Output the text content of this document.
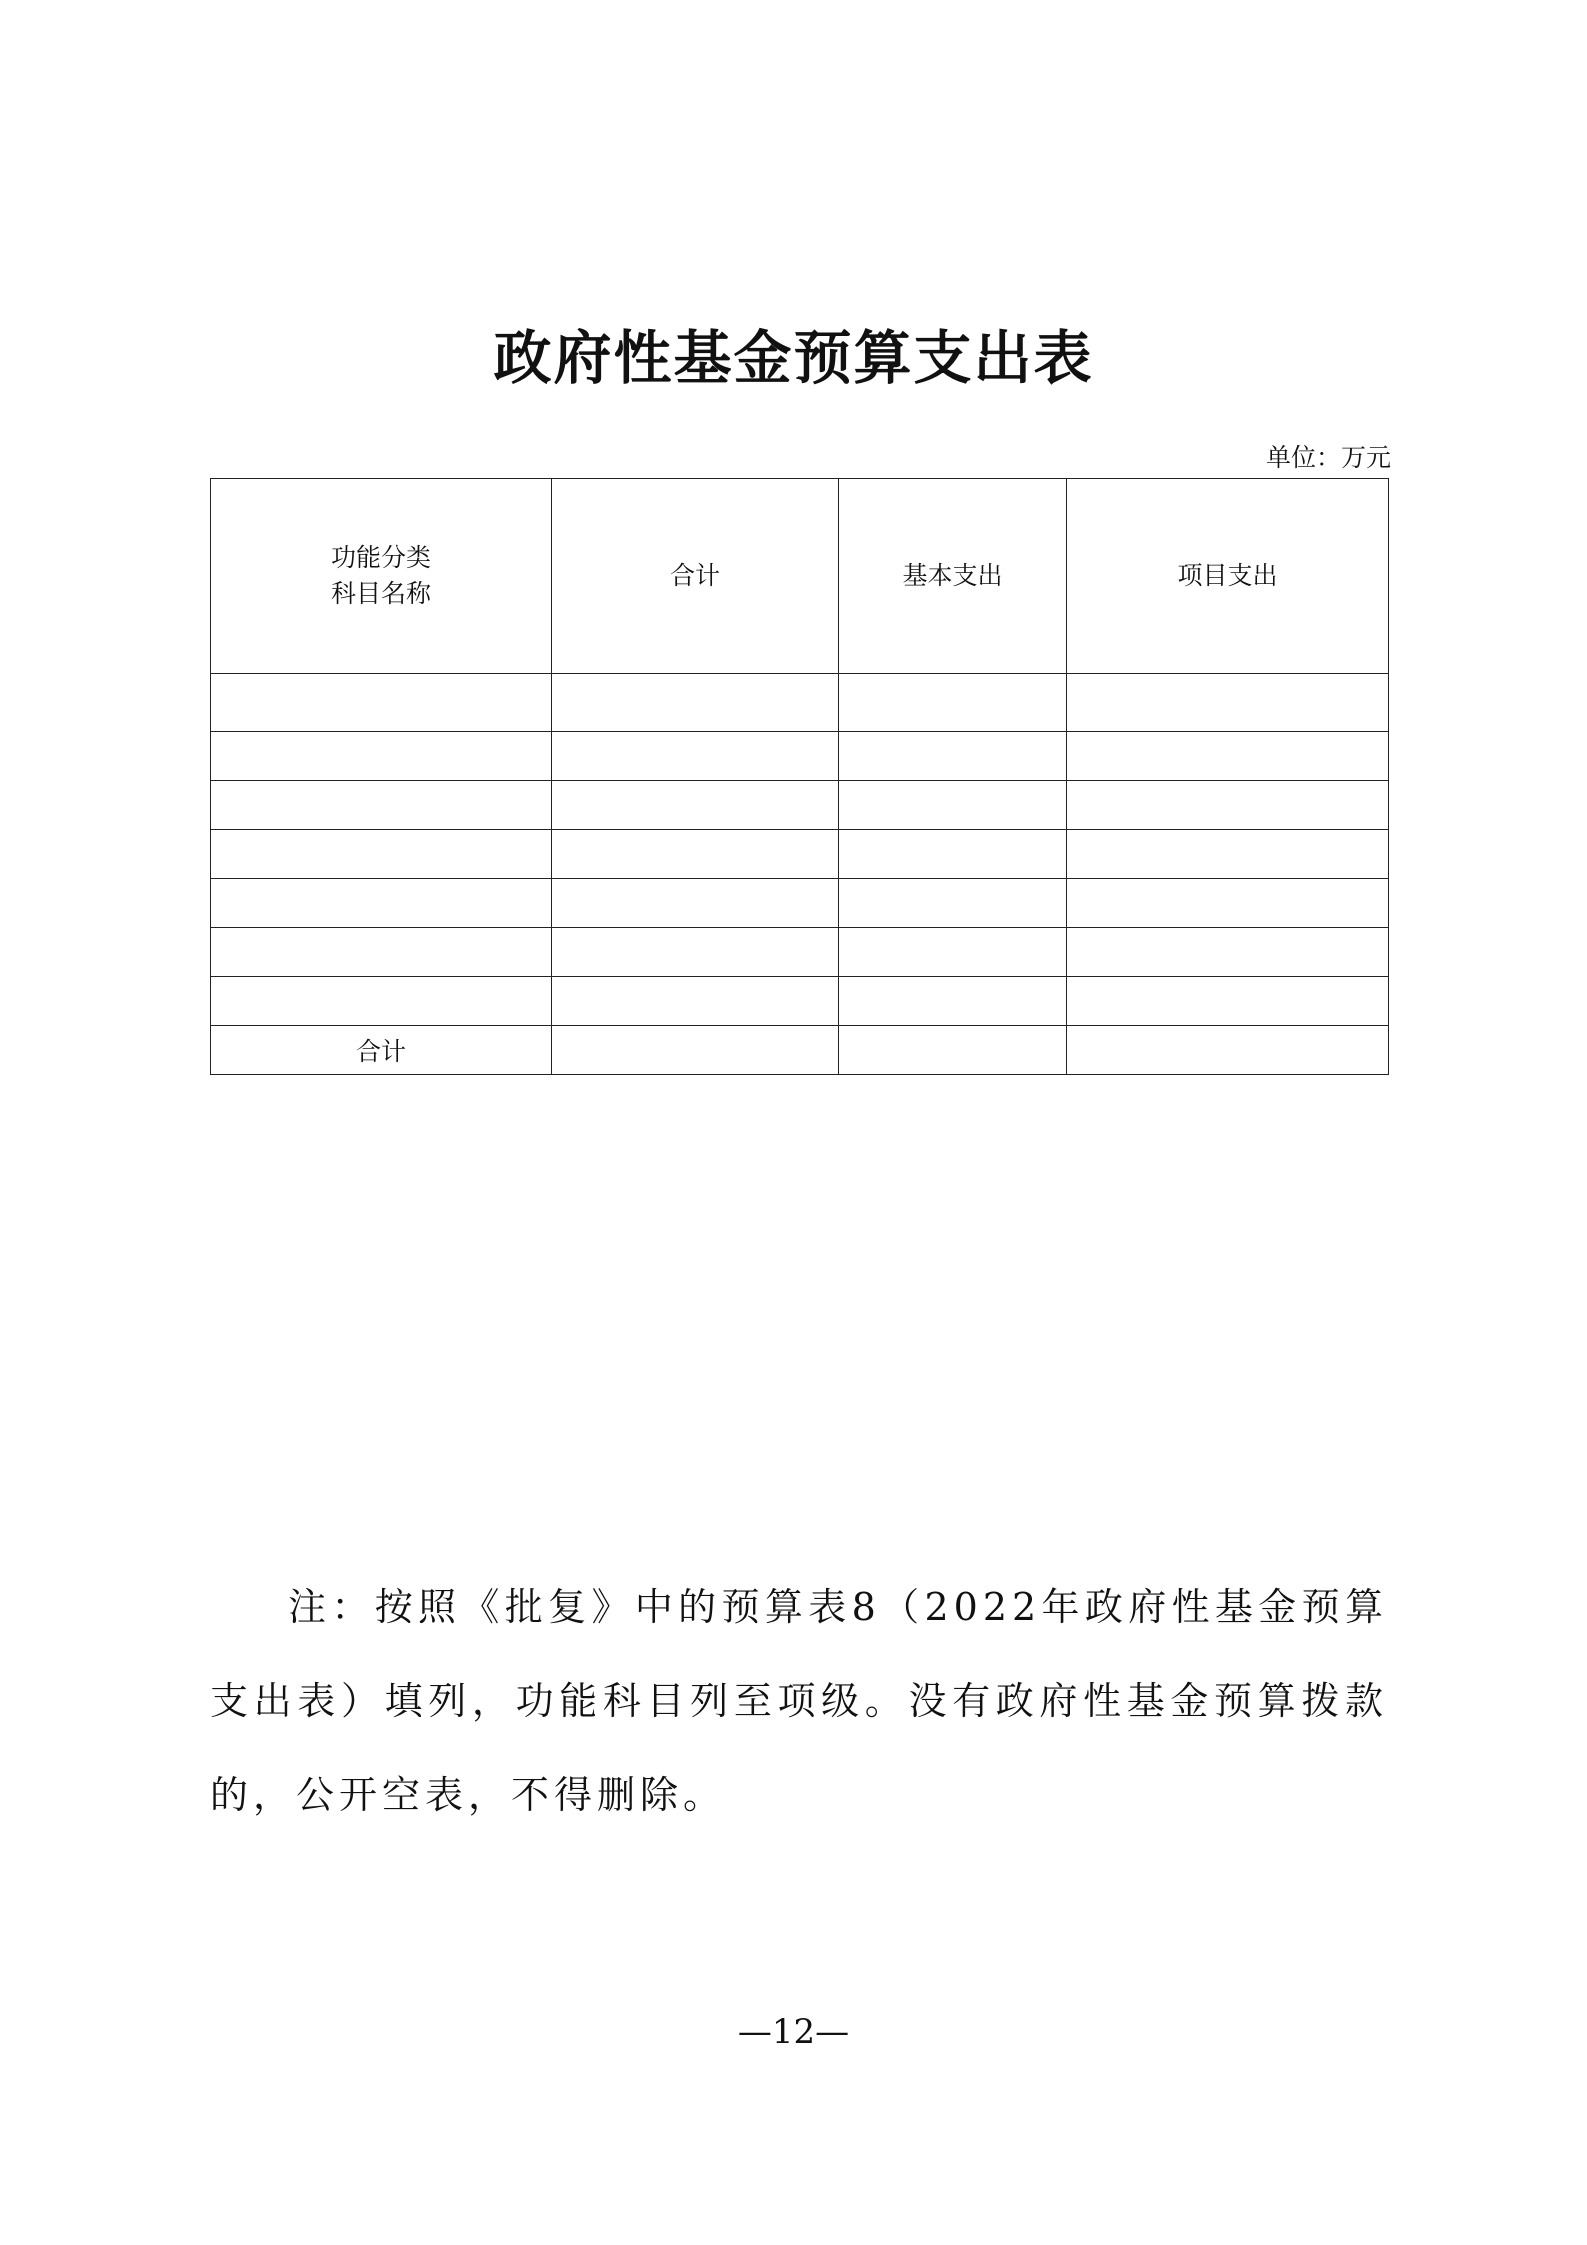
政府性基金预算支出表
单位：万元
功能分类
科目名称	合计	基本支出	项目支出

合计			

注：按照《批复》中的预算表8（2022年政府性基金预算支出表）填列，功能科目列至项级。没有政府性基金预算拨款的，公开空表，不得删除。

—12—
